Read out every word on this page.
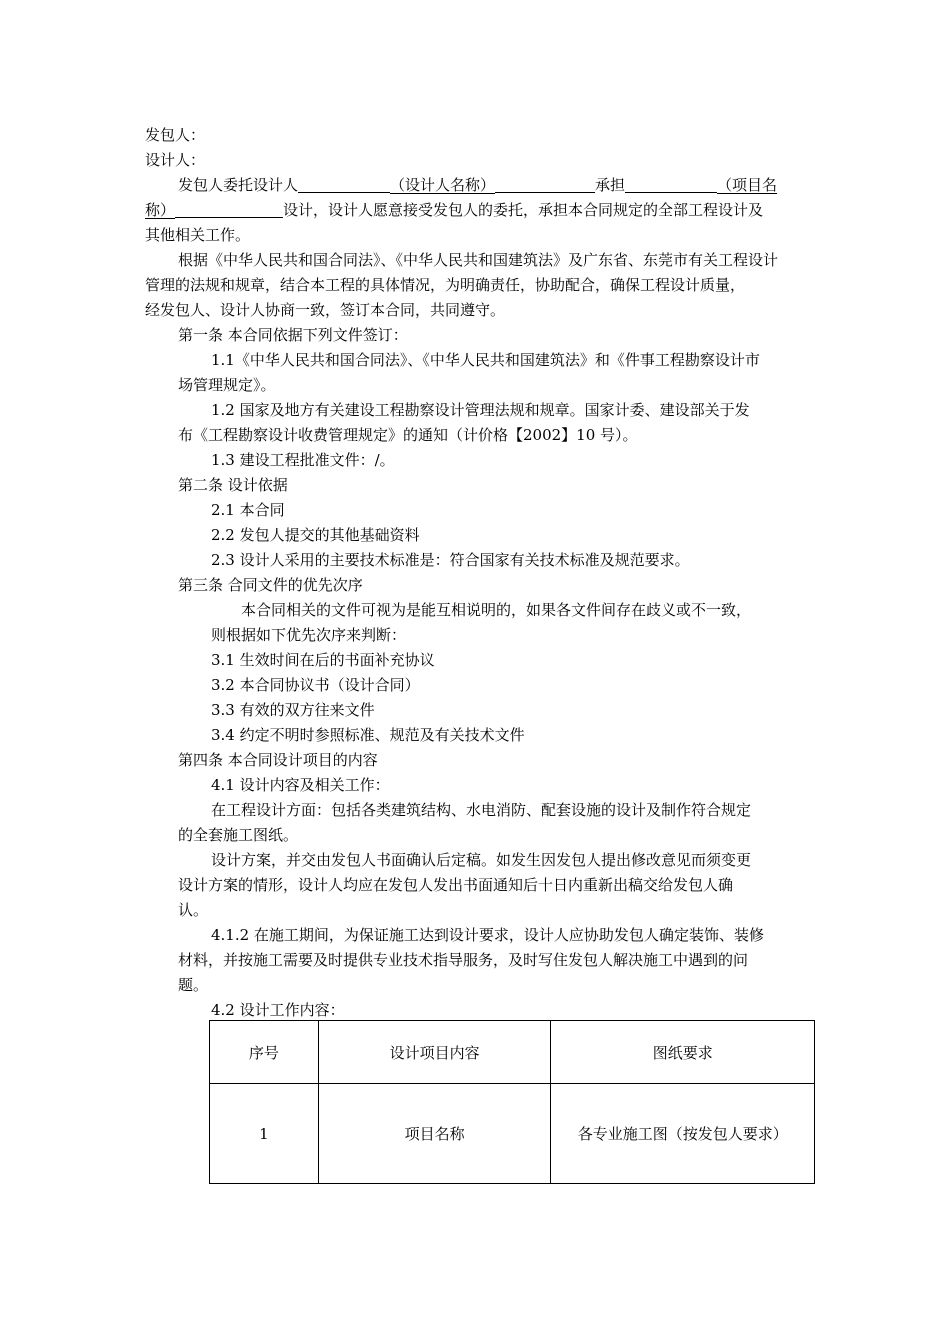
发包人：
设计人：
发包人委托设计人	（设计人名称）	承担	（项目名
称）	设计，设计人愿意接受发包人的委托，承担本合同规定的全部工程设计及
其他相关工作。
根据《中华人民共和国合同法》、《中华人民共和国建筑法》及广东省、东莞市有关工程设计
管理的法规和规章，结合本工程的具体情况，为明确责任，协助配合，确保工程设计质量，
经发包人、设计人协商一致，签订本合同，共同遵守。
第一条 本合同依据下列文件签订：
1.1《中华人民共和国合同法》、《中华人民共和国建筑法》和《件事工程勘察设计市
场管理规定》。
1.2 国家及地方有关建设工程勘察设计管理法规和规章。国家计委、建设部关于发
布《工程勘察设计收费管理规定》的通知（计价格【2002】10 号）。
1.3 建设工程批准文件：/。
第二条 设计依据
2.1 本合同
2.2 发包人提交的其他基础资料
2.3 设计人采用的主要技术标准是：符合国家有关技术标准及规范要求。
第三条 合同文件的优先次序
本合同相关的文件可视为是能互相说明的，如果各文件间存在歧义或不一致，
则根据如下优先次序来判断：
3.1 生效时间在后的书面补充协议
3.2 本合同协议书（设计合同）
3.3 有效的双方往来文件
3.4 约定不明时参照标准、规范及有关技术文件
第四条 本合同设计项目的内容
4.1 设计内容及相关工作：
在工程设计方面：包括各类建筑结构、水电消防、配套设施的设计及制作符合规定
的全套施工图纸。
设计方案，并交由发包人书面确认后定稿。如发生因发包人提出修改意见而须变更
设计方案的情形，设计人均应在发包人发出书面通知后十日内重新出稿交给发包人确
认。
4.1.2 在施工期间，为保证施工达到设计要求，设计人应协助发包人确定装饰、装修
材料，并按施工需要及时提供专业技术指导服务，及时写住发包人解决施工中遇到的问
题。
4.2 设计工作内容：
序号	设计项目内容	图纸要求
1	项目名称	各专业施工图（按发包人要求）
